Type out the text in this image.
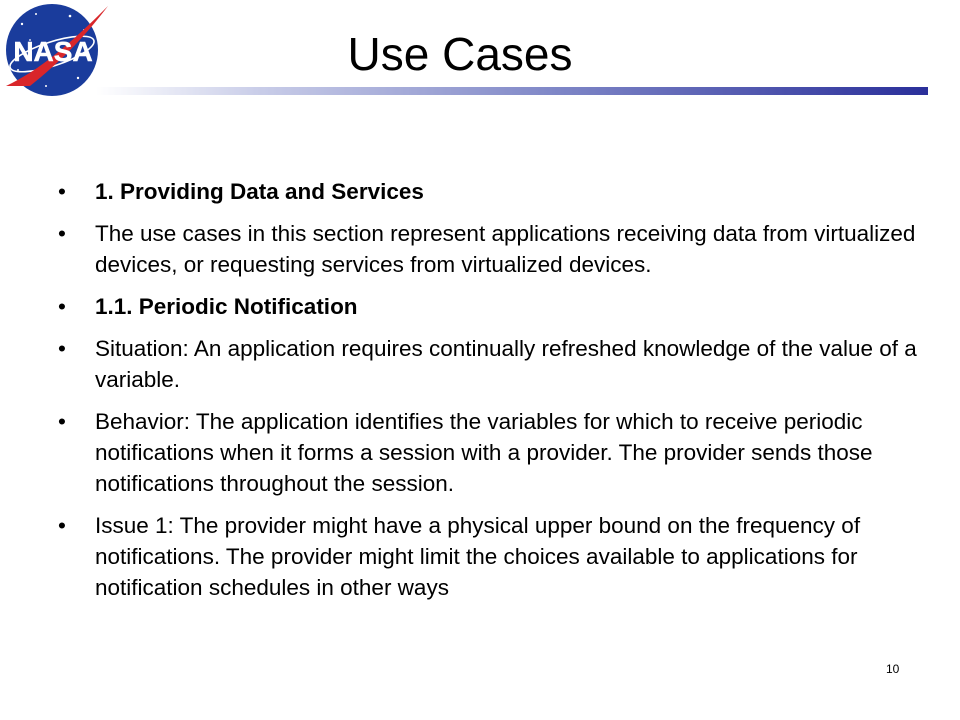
NASA	Use Cases
• 1. Providing Data and Services
• The use cases in this section represent applications receiving data from virtualized devices, or requesting services from virtualized devices.
• 1.1. Periodic Notification
• Situation: An application requires continually refreshed knowledge of the value of a variable.
• Behavior: The application identifies the variables for which to receive periodic notifications when it forms a session with a provider. The provider sends those notifications throughout the session.
• Issue 1: The provider might have a physical upper bound on the frequency of notifications. The provider might limit the choices available to applications for notification schedules in other ways
10
